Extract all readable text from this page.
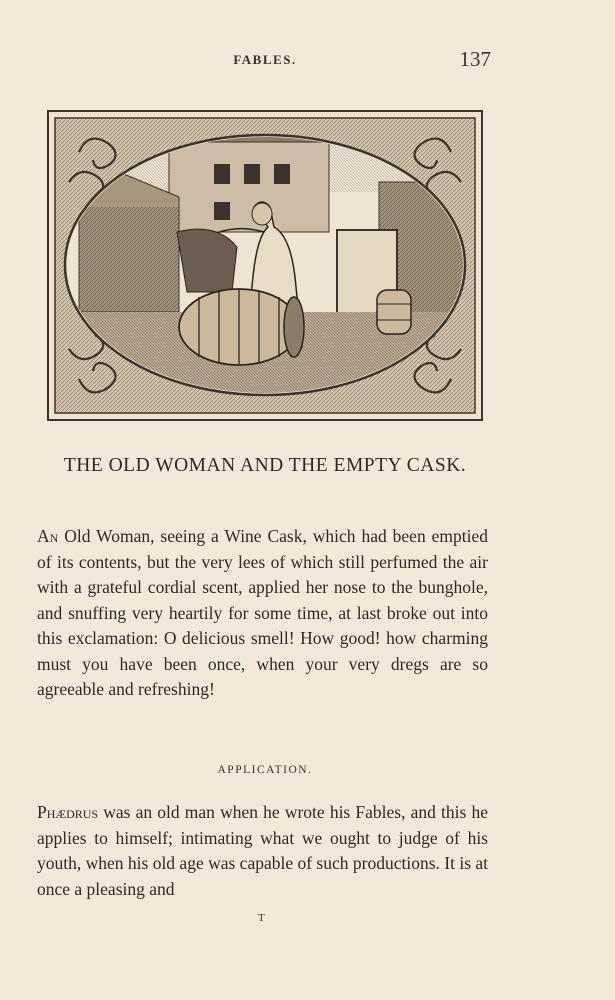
FABLES.	137
THE OLD WOMAN AND THE EMPTY CASK.
An Old Woman, seeing a Wine Cask, which had been emptied of its contents, but the very lees of which still perfumed the air with a grateful cordial scent, applied her nose to the bunghole, and snuffing very heartily for some time, at last broke out into this exclamation: O delicious smell! How good! how charming must you have been once, when your very dregs are so agreeable and refreshing!
APPLICATION.
Phædrus was an old man when he wrote his Fables, and this he applies to himself; intimating what we ought to judge of his youth, when his old age was capable of such productions. It is at once a pleasing and
T
